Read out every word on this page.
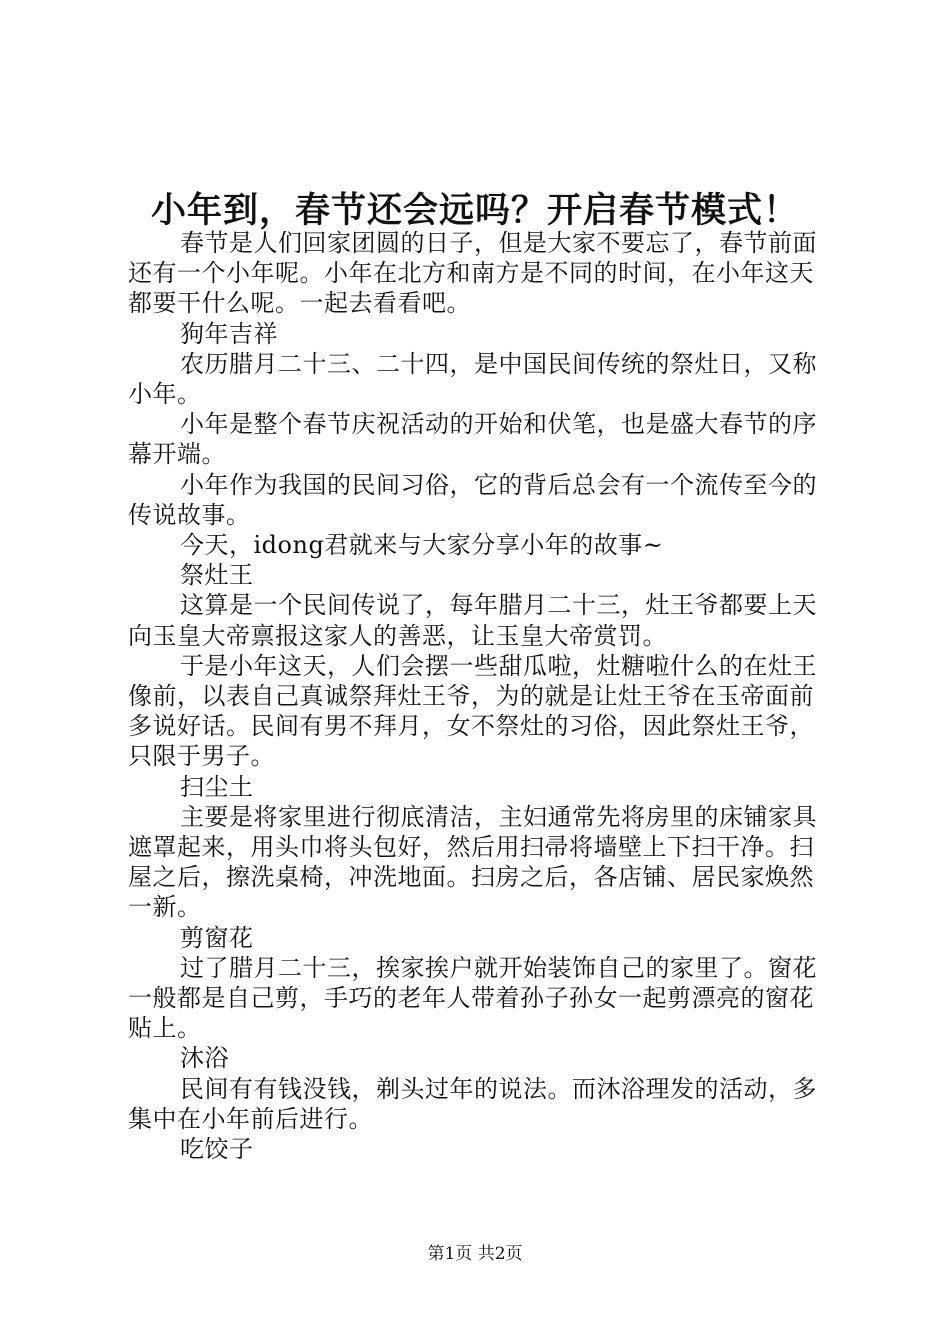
小年到，春节还会远吗？开启春节模式！

春节是人们回家团圆的日子，但是大家不要忘了，春节前面还有一个小年呢。小年在北方和南方是不同的时间，在小年这天都要干什么呢。一起去看看吧。

狗年吉祥

农历腊月二十三、二十四，是中国民间传统的祭灶日，又称小年。

小年是整个春节庆祝活动的开始和伏笔，也是盛大春节的序幕开端。

小年作为我国的民间习俗，它的背后总会有一个流传至今的传说故事。

今天，idong君就来与大家分享小年的故事~

祭灶王

这算是一个民间传说了，每年腊月二十三，灶王爷都要上天向玉皇大帝禀报这家人的善恶，让玉皇大帝赏罚。

于是小年这天，人们会摆一些甜瓜啦，灶糖啦什么的在灶王像前，以表自己真诚祭拜灶王爷，为的就是让灶王爷在玉帝面前多说好话。民间有男不拜月，女不祭灶的习俗，因此祭灶王爷，只限于男子。

扫尘土

主要是将家里进行彻底清洁，主妇通常先将房里的床铺家具遮罩起来，用头巾将头包好，然后用扫帚将墙壁上下扫干净。扫屋之后，擦洗桌椅，冲洗地面。扫房之后，各店铺、居民家焕然一新。

剪窗花

过了腊月二十三，挨家挨户就开始装饰自己的家里了。窗花一般都是自己剪，手巧的老年人带着孙子孙女一起剪漂亮的窗花贴上。

沐浴

民间有有钱没钱，剃头过年的说法。而沐浴理发的活动，多集中在小年前后进行。

吃饺子

第1页 共2页
